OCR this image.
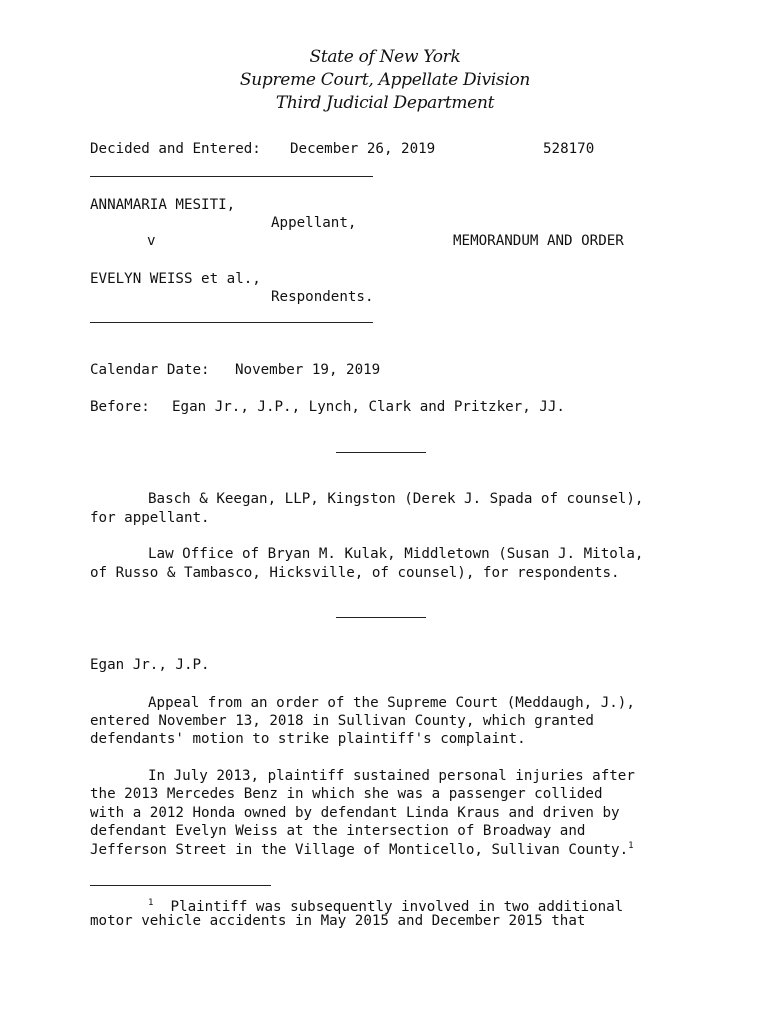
State of New York
Supreme Court, Appellate Division
Third Judicial Department
Decided and Entered: December 26, 2019	528170
ANNAMARIA MESITI,
Appellant,
v	MEMORANDUM AND ORDER
EVELYN WEISS et al.,
Respondents.
Calendar Date: November 19, 2019
Before: Egan Jr., J.P., Lynch, Clark and Pritzker, JJ.
Basch & Keegan, LLP, Kingston (Derek J. Spada of counsel),
for appellant.
Law Office of Bryan M. Kulak, Middletown (Susan J. Mitola,
of Russo & Tambasco, Hicksville, of counsel), for respondents.
Egan Jr., J.P.
Appeal from an order of the Supreme Court (Meddaugh, J.),
entered November 13, 2018 in Sullivan County, which granted
defendants' motion to strike plaintiff's complaint.
In July 2013, plaintiff sustained personal injuries after
the 2013 Mercedes Benz in which she was a passenger collided
with a 2012 Honda owned by defendant Linda Kraus and driven by
defendant Evelyn Weiss at the intersection of Broadway and
Jefferson Street in the Village of Monticello, Sullivan County.$^1$
$^1$ Plaintiff was subsequently involved in two additional
motor vehicle accidents in May 2015 and December 2015 that
